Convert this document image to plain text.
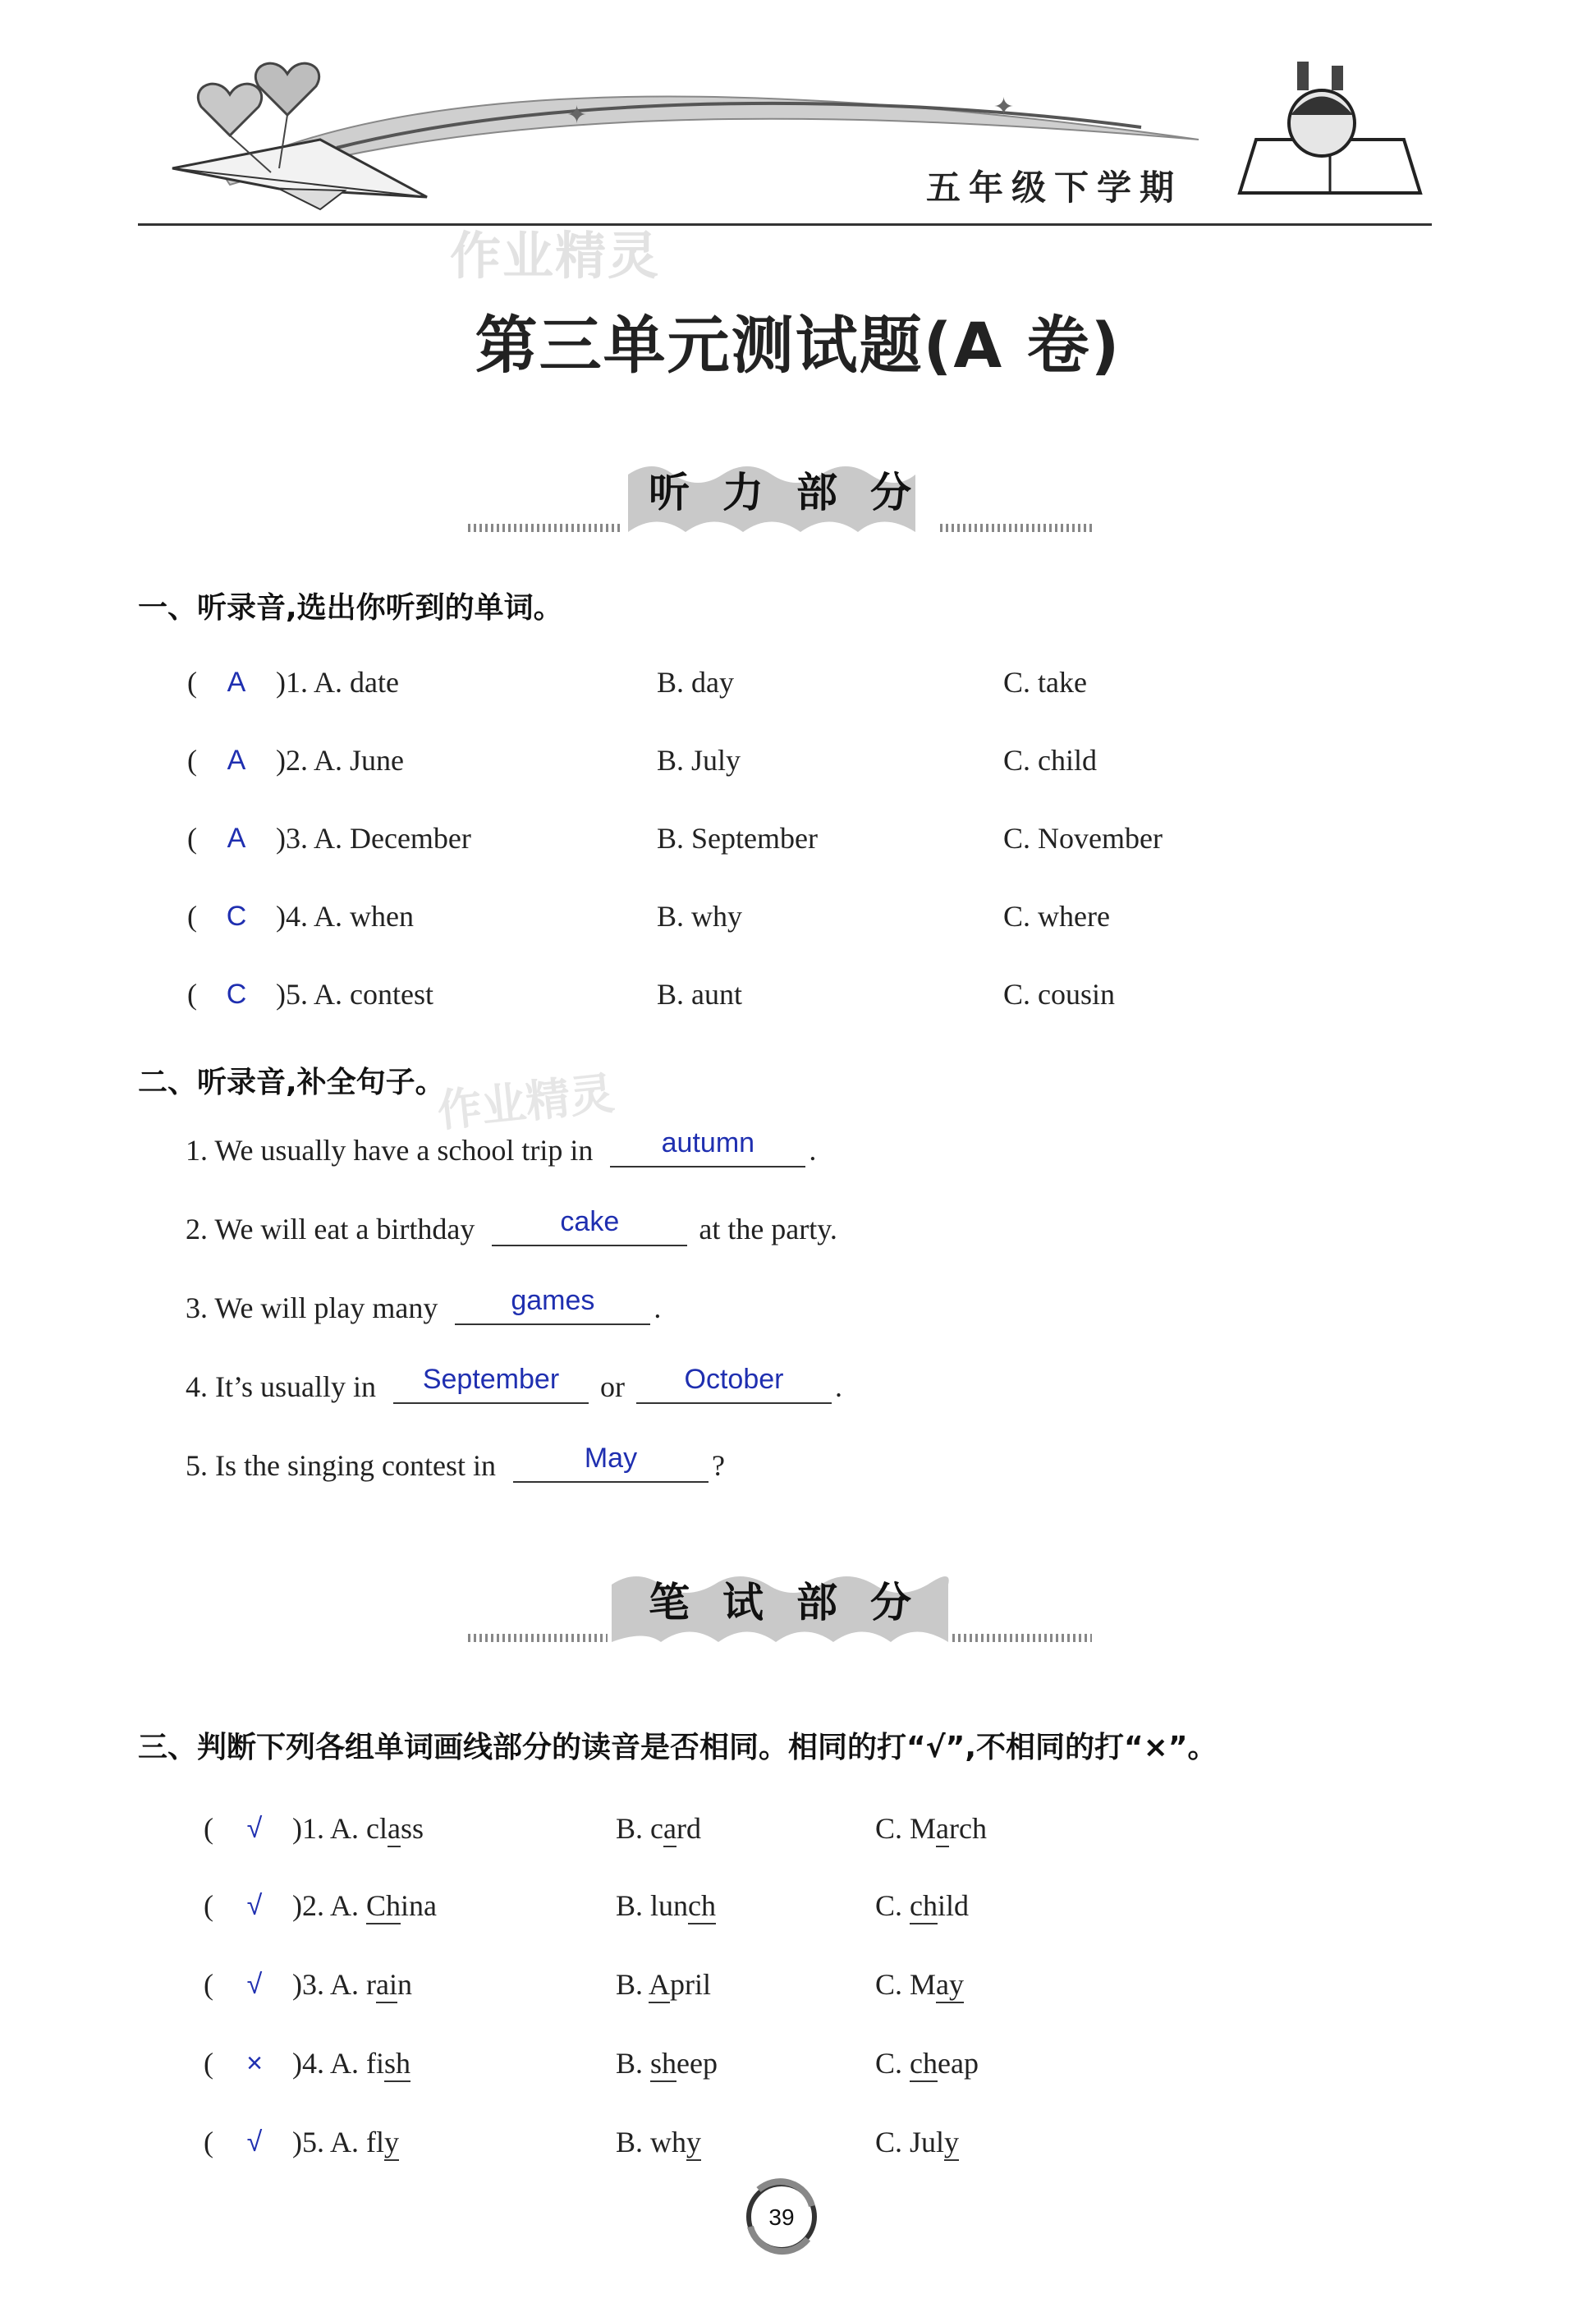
✦	✦
五年级下学期
作业精灵
第三单元测试题(A 卷)
听力部分
一、听录音,选出你听到的单词。
(	A	)1. A. date	B. day	C. take
(	A	)2. A. June	B. July	C. child
(	A	)3. A. December	B. September	C. November
(	C )4. A. when	B. why	C. where
(	C )5. A. contest	B. aunt	C. cousin
二、听录音,补全句子。
作业精灵
1. We usually have a school trip in	autumn	.
2. We will eat a birthday	cake	at the party.
3. We will play many	games	.
4. It’s usually in	September	or	October	.
5. Is the singing contest in	May	?
笔试部分
三、判断下列各组单词画线部分的读音是否相同。相同的打“√”,不相同的打“×”。
(	√	)1. A. class	B. card	C. March
(	√	)2. A. China	B. lunch	C. child
(	√	)3. A. rain	B. April	C. May
(	×	)4. A. fish	B. sheep	C. cheap
(	√	)5. A. fly	B. why	C. July
39
